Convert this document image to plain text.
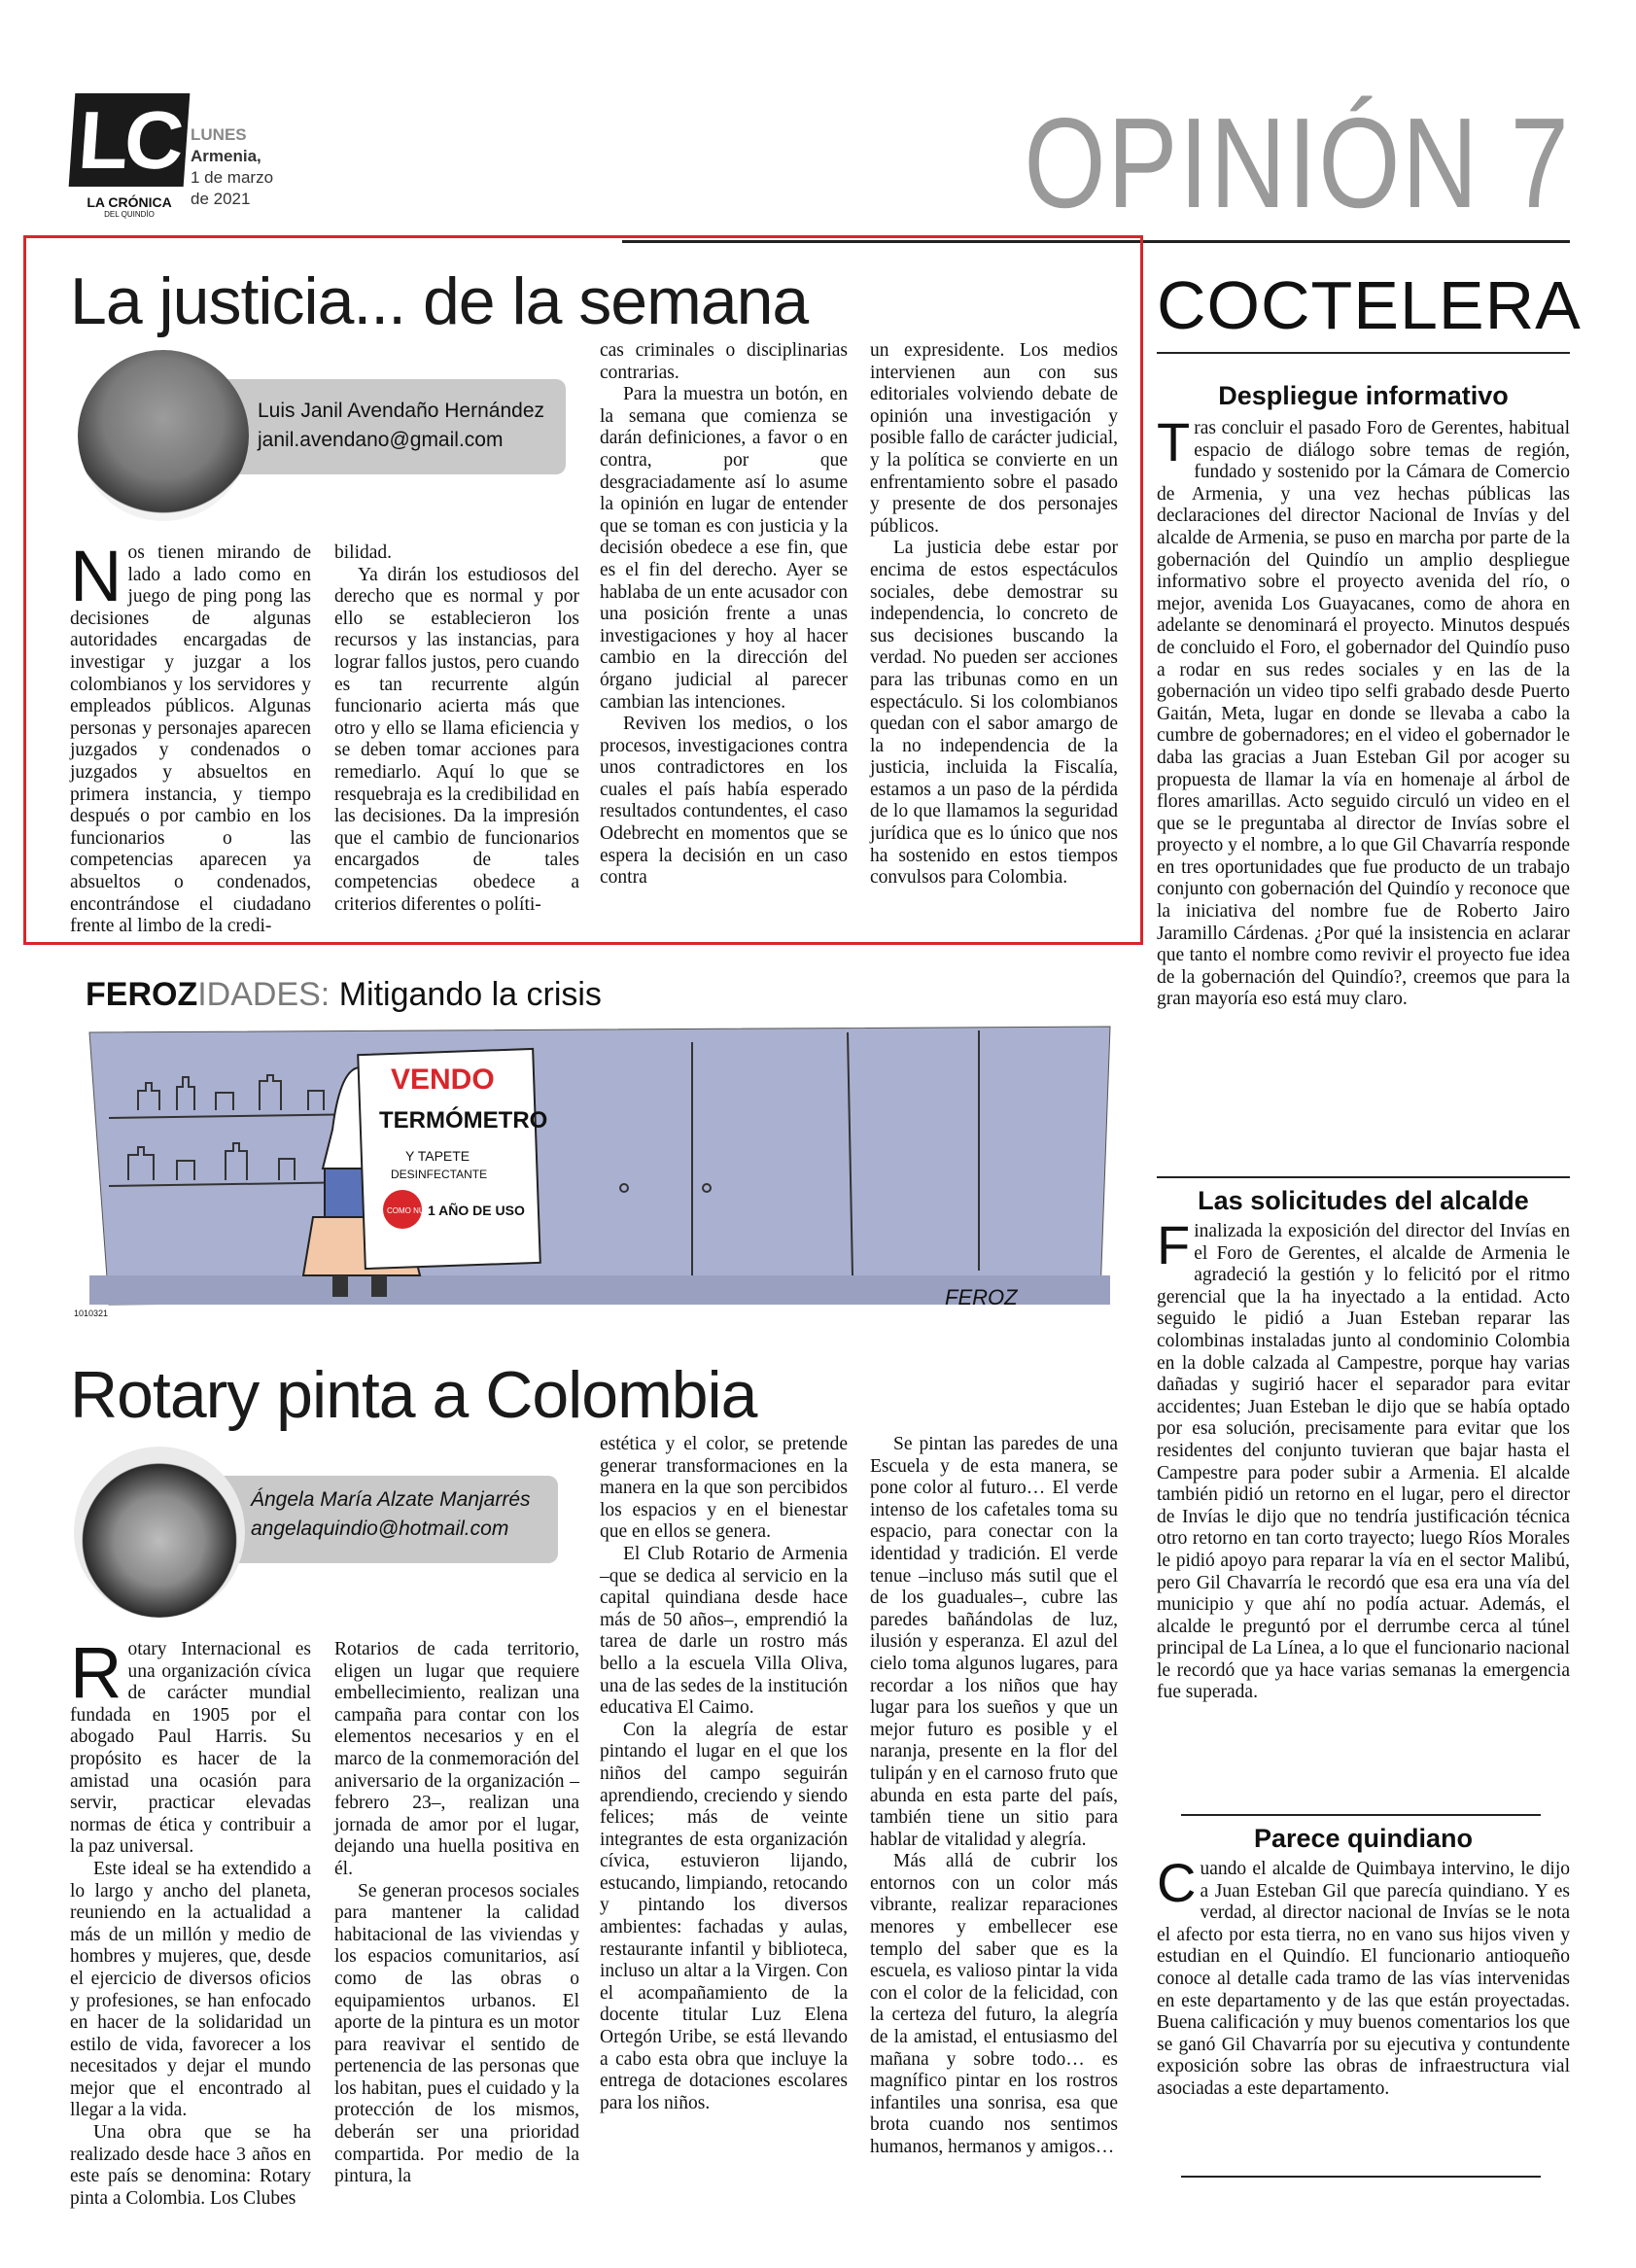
LC
LA CRÓNICA
DEL QUINDÍO
LUNES
Armenia,
1 de marzo
de 2021	OPINIÓN 7
La justicia... de la semana
Luis Janil Avendaño Hernández
janil.avendano@gmail.com

Nos tienen mirando de lado a lado como en juego de ping pong las decisiones de algunas autoridades encargadas de investigar y juzgar a los colombianos y los servidores y empleados públicos. Algunas personas y personajes aparecen juzgados y condenados o juzgados y absueltos en primera instancia, y tiempo después o por cambio en los funcionarios o las competencias aparecen ya absueltos o condenados, encontrándose el ciudadano frente al limbo de la credi-

bilidad.

Ya dirán los estudiosos del derecho que es normal y por ello se establecieron los recursos y las instancias, para lograr fallos justos, pero cuando es tan recurrente algún funcionario acierta más que otro y ello se llama eficiencia y se deben tomar acciones para remediarlo. Aquí lo que se resquebraja es la credibilidad en las decisiones. Da la impresión que el cambio de funcionarios encargados de tales competencias obedece a criterios diferentes o políti-

cas criminales o disciplinarias contrarias.

Para la muestra un botón, en la semana que comienza se darán definiciones, a favor o en contra, por que desgraciadamente así lo asume la opinión en lugar de entender que se toman es con justicia y la decisión obedece a ese fin, que es el fin del derecho. Ayer se hablaba de un ente acusador con una posición frente a unas investigaciones y hoy al hacer cambio en la dirección del órgano judicial al parecer cambian las intenciones.

Reviven los medios, o los procesos, investigaciones contra unos contradictores en los cuales el país había esperado resultados contundentes, el caso Odebrecht en momentos que se espera la decisión en un caso contra

un expresidente. Los medios intervienen aun con sus editoriales volviendo debate de opinión una investigación y posible fallo de carácter judicial, y la política se convierte en un enfrentamiento sobre el pasado y presente de dos personajes públicos.

La justicia debe estar por encima de estos espectáculos sociales, debe demostrar su independencia, lo concreto de sus decisiones buscando la verdad. No pueden ser acciones para las tribunas como en un espectáculo. Si los colombianos quedan con el sabor amargo de la no independencia de la justicia, incluida la Fiscalía, estamos a un paso de la pérdida de lo que llamamos la seguridad jurídica que es lo único que nos ha sostenido en estos tiempos convulsos para Colombia.

FEROZIDADES: Mitigando la crisis
VENDO
TERMÓMETRO
Y TAPETE
DESINFECTANTE
COMO NUEVO
1 AÑO DE USO
FEROZ
1010321
Rotary pinta a Colombia
Ángela María Alzate Manjarrés
angelaquindio@hotmail.com

Rotary Internacional es una organización cívica de carácter mundial fundada en 1905 por el abogado Paul Harris. Su propósito es hacer de la amistad una ocasión para servir, practicar elevadas normas de ética y contribuir a la paz universal.

Este ideal se ha extendido a lo largo y ancho del planeta, reuniendo en la actualidad a más de un millón y medio de hombres y mujeres, que, desde el ejercicio de diversos oficios y profesiones, se han enfocado en hacer de la solidaridad un estilo de vida, favorecer a los necesitados y dejar el mundo mejor que el encontrado al llegar a la vida.

Una obra que se ha realizado desde hace 3 años en este país se denomina: Rotary pinta a Colombia. Los Clubes

Rotarios de cada territorio, eligen un lugar que requiere embellecimiento, realizan una campaña para contar con los elementos necesarios y en el marco de la conmemoración del aniversario de la organización –febrero 23–, realizan una jornada de amor por el lugar, dejando una huella positiva en él.

Se generan procesos sociales para mantener la calidad habitacional de las viviendas y los espacios comunitarios, así como de las obras o equipamientos urbanos. El aporte de la pintura es un motor para reavivar el sentido de pertenencia de las personas que los habitan, pues el cuidado y la protección de los mismos, deberán ser una prioridad compartida. Por medio de la pintura, la

estética y el color, se pretende generar transformaciones en la manera en la que son percibidos los espacios y en el bienestar que en ellos se genera.

El Club Rotario de Armenia –que se dedica al servicio en la capital quindiana desde hace más de 50 años–, emprendió la tarea de darle un rostro más bello a la escuela Villa Oliva, una de las sedes de la institución educativa El Caimo.

Con la alegría de estar pintando el lugar en el que los niños del campo seguirán aprendiendo, creciendo y siendo felices; más de veinte integrantes de esta organización cívica, estuvieron lijando, estucando, limpiando, retocando y pintando los diversos ambientes: fachadas y aulas, restaurante infantil y biblioteca, incluso un altar a la Virgen. Con el acompañamiento de la docente titular Luz Elena Ortegón Uribe, se está llevando a cabo esta obra que incluye la entrega de dotaciones escolares para los niños.

Se pintan las paredes de una Escuela y de esta manera, se pone color al futuro… El verde intenso de los cafetales toma su espacio, para conectar con la identidad y tradición. El verde tenue –incluso más sutil que el de los guaduales–, cubre las paredes bañándolas de luz, ilusión y esperanza. El azul del cielo toma algunos lugares, para recordar a los niños que hay lugar para los sueños y que un mejor futuro es posible y el naranja, presente en la flor del tulipán y en el carnoso fruto que abunda en esta parte del país, también tiene un sitio para hablar de vitalidad y alegría.

Más allá de cubrir los entornos con un color más vibrante, realizar reparaciones menores y embellecer ese templo del saber que es la escuela, es valioso pintar la vida con el color de la felicidad, con la certeza del futuro, la alegría de la amistad, el entusiasmo del mañana y sobre todo… es magnífico pintar en los rostros infantiles una sonrisa, esa que brota cuando nos sentimos humanos, hermanos y amigos…

COCTELERA
Despliegue informativo
Tras concluir el pasado Foro de Gerentes, habitual espacio de diálogo sobre temas de región, fundado y sostenido por la Cámara de Comercio de Armenia, y una vez hechas públicas las declaraciones del director Nacional de Invías y del alcalde de Armenia, se puso en marcha por parte de la gobernación del Quindío un amplio despliegue informativo sobre el proyecto avenida del río, o mejor, avenida Los Guayacanes, como de ahora en adelante se denominará el proyecto. Minutos después de concluido el Foro, el gobernador del Quindío puso a rodar en sus redes sociales y en las de la gobernación un video tipo selfi grabado desde Puerto Gaitán, Meta, lugar en donde se llevaba a cabo la cumbre de gobernadores; en el video el gobernador le daba las gracias a Juan Esteban Gil por acoger su propuesta de llamar la vía en homenaje al árbol de flores amarillas. Acto seguido circuló un video en el que se le preguntaba al director de Invías sobre el proyecto y el nombre, a lo que Gil Chavarría responde en tres oportunidades que fue producto de un trabajo conjunto con gobernación del Quindío y reconoce que la iniciativa del nombre fue de Roberto Jairo Jaramillo Cárdenas. ¿Por qué la insistencia en aclarar que tanto el nombre como revivir el proyecto fue idea de la gobernación del Quindío?, creemos que para la gran mayoría eso está muy claro.
Las solicitudes del alcalde
Finalizada la exposición del director del Invías en el Foro de Gerentes, el alcalde de Armenia le agradeció la gestión y lo felicitó por el ritmo gerencial que la ha inyectado a la entidad. Acto seguido le pidió a Juan Esteban reparar las colombinas instaladas junto al condominio Colombia en la doble calzada al Campestre, porque hay varias dañadas y sugirió hacer el separador para evitar accidentes; Juan Esteban le dijo que se había optado por esa solución, precisamente para evitar que los residentes del conjunto tuvieran que bajar hasta el Campestre para poder subir a Armenia. El alcalde también pidió un retorno en el lugar, pero el director de Invías le dijo que no tendría justificación técnica otro retorno en tan corto trayecto; luego Ríos Morales le pidió apoyo para reparar la vía en el sector Malibú, pero Gil Chavarría le recordó que esa era una vía del municipio y que ahí no podía actuar. Además, el alcalde le preguntó por el derrumbe cerca al túnel principal de La Línea, a lo que el funcionario nacional le recordó que ya hace varias semanas la emergencia fue superada.
Parece quindiano
Cuando el alcalde de Quimbaya intervino, le dijo a Juan Esteban Gil que parecía quindiano. Y es verdad, al director nacional de Invías se le nota el afecto por esta tierra, no en vano sus hijos viven y estudian en el Quindío. El funcionario antioqueño conoce al detalle cada tramo de las vías intervenidas en este departamento y de las que están proyectadas. Buena calificación y muy buenos comentarios los que se ganó Gil Chavarría por su ejecutiva y contundente exposición sobre las obras de infraestructura vial asociadas a este departamento.
